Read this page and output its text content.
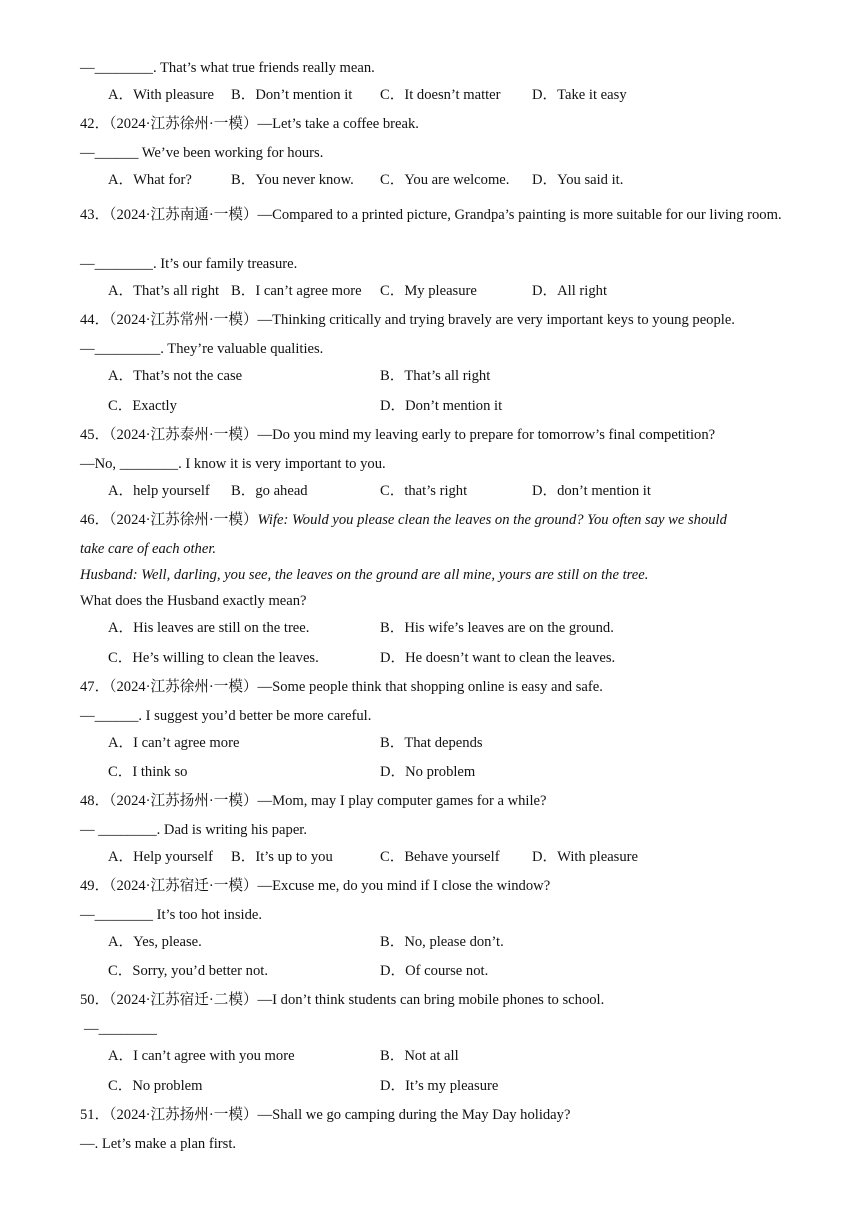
—________. That’s what true friends really mean.
A．With pleasure B．Don’t mention it C．It doesn’t matter D．Take it easy
42．（2024·江苏徐州·一模）—Let’s take a coffee break.
—______ We’ve been working for hours.
A．What for?	B．You never know. C．You are welcome. D．You said it.
43．（2024·江苏南通·一模）—Compared to a printed picture, Grandpa’s painting is more suitable for our living room.
—________. It’s our family treasure.
A．That’s all right B．I can’t agree more C．My pleasure	D．All right
44．（2024·江苏常州·一模）—Thinking critically and trying bravely are very important keys to young people.
—_________. They’re valuable qualities.
A．That’s not the case	B．That’s all right
C．Exactly	D．Don’t mention it
45．（2024·江苏泰州·一模）—Do you mind my leaving early to prepare for tomorrow’s final competition?
—No, ________. I know it is very important to you.
A．help yourself B．go ahead	C．that’s right	D．don’t mention it
46．（2024·江苏徐州·一模）Wife: Would you please clean the leaves on the ground? You often say we should
take care of each other.
Husband: Well, darling, you see, the leaves on the ground are all mine, yours are still on the tree.
What does the Husband exactly mean?
A．His leaves are still on the tree.	B．His wife’s leaves are on the ground.
C．He’s willing to clean the leaves.	D．He doesn’t want to clean the leaves.
47．（2024·江苏徐州·一模）—Some people think that shopping online is easy and safe.
—______. I suggest you’d better be more careful.
A．I can’t agree more	B．That depends
C．I think so	D．No problem
48．（2024·江苏扬州·一模）—Mom, may I play computer games for a while?
— ________. Dad is writing his paper.
A．Help yourself B．It’s up to you	C．Behave yourself D．With pleasure
49．（2024·江苏宿迁·一模）—Excuse me, do you mind if I close the window?
—________ It’s too hot inside.
A．Yes, please.	B．No, please don’t.
C．Sorry, you’d better not.	D．Of course not.
50．（2024·江苏宿迁·二模）—I don’t think students can bring mobile phones to school.
—________
A．I can’t agree with you more	B．Not at all
C．No problem	D．It’s my pleasure
51．（2024·江苏扬州·一模）—Shall we go camping during the May Day holiday?
—. Let’s make a plan first.
